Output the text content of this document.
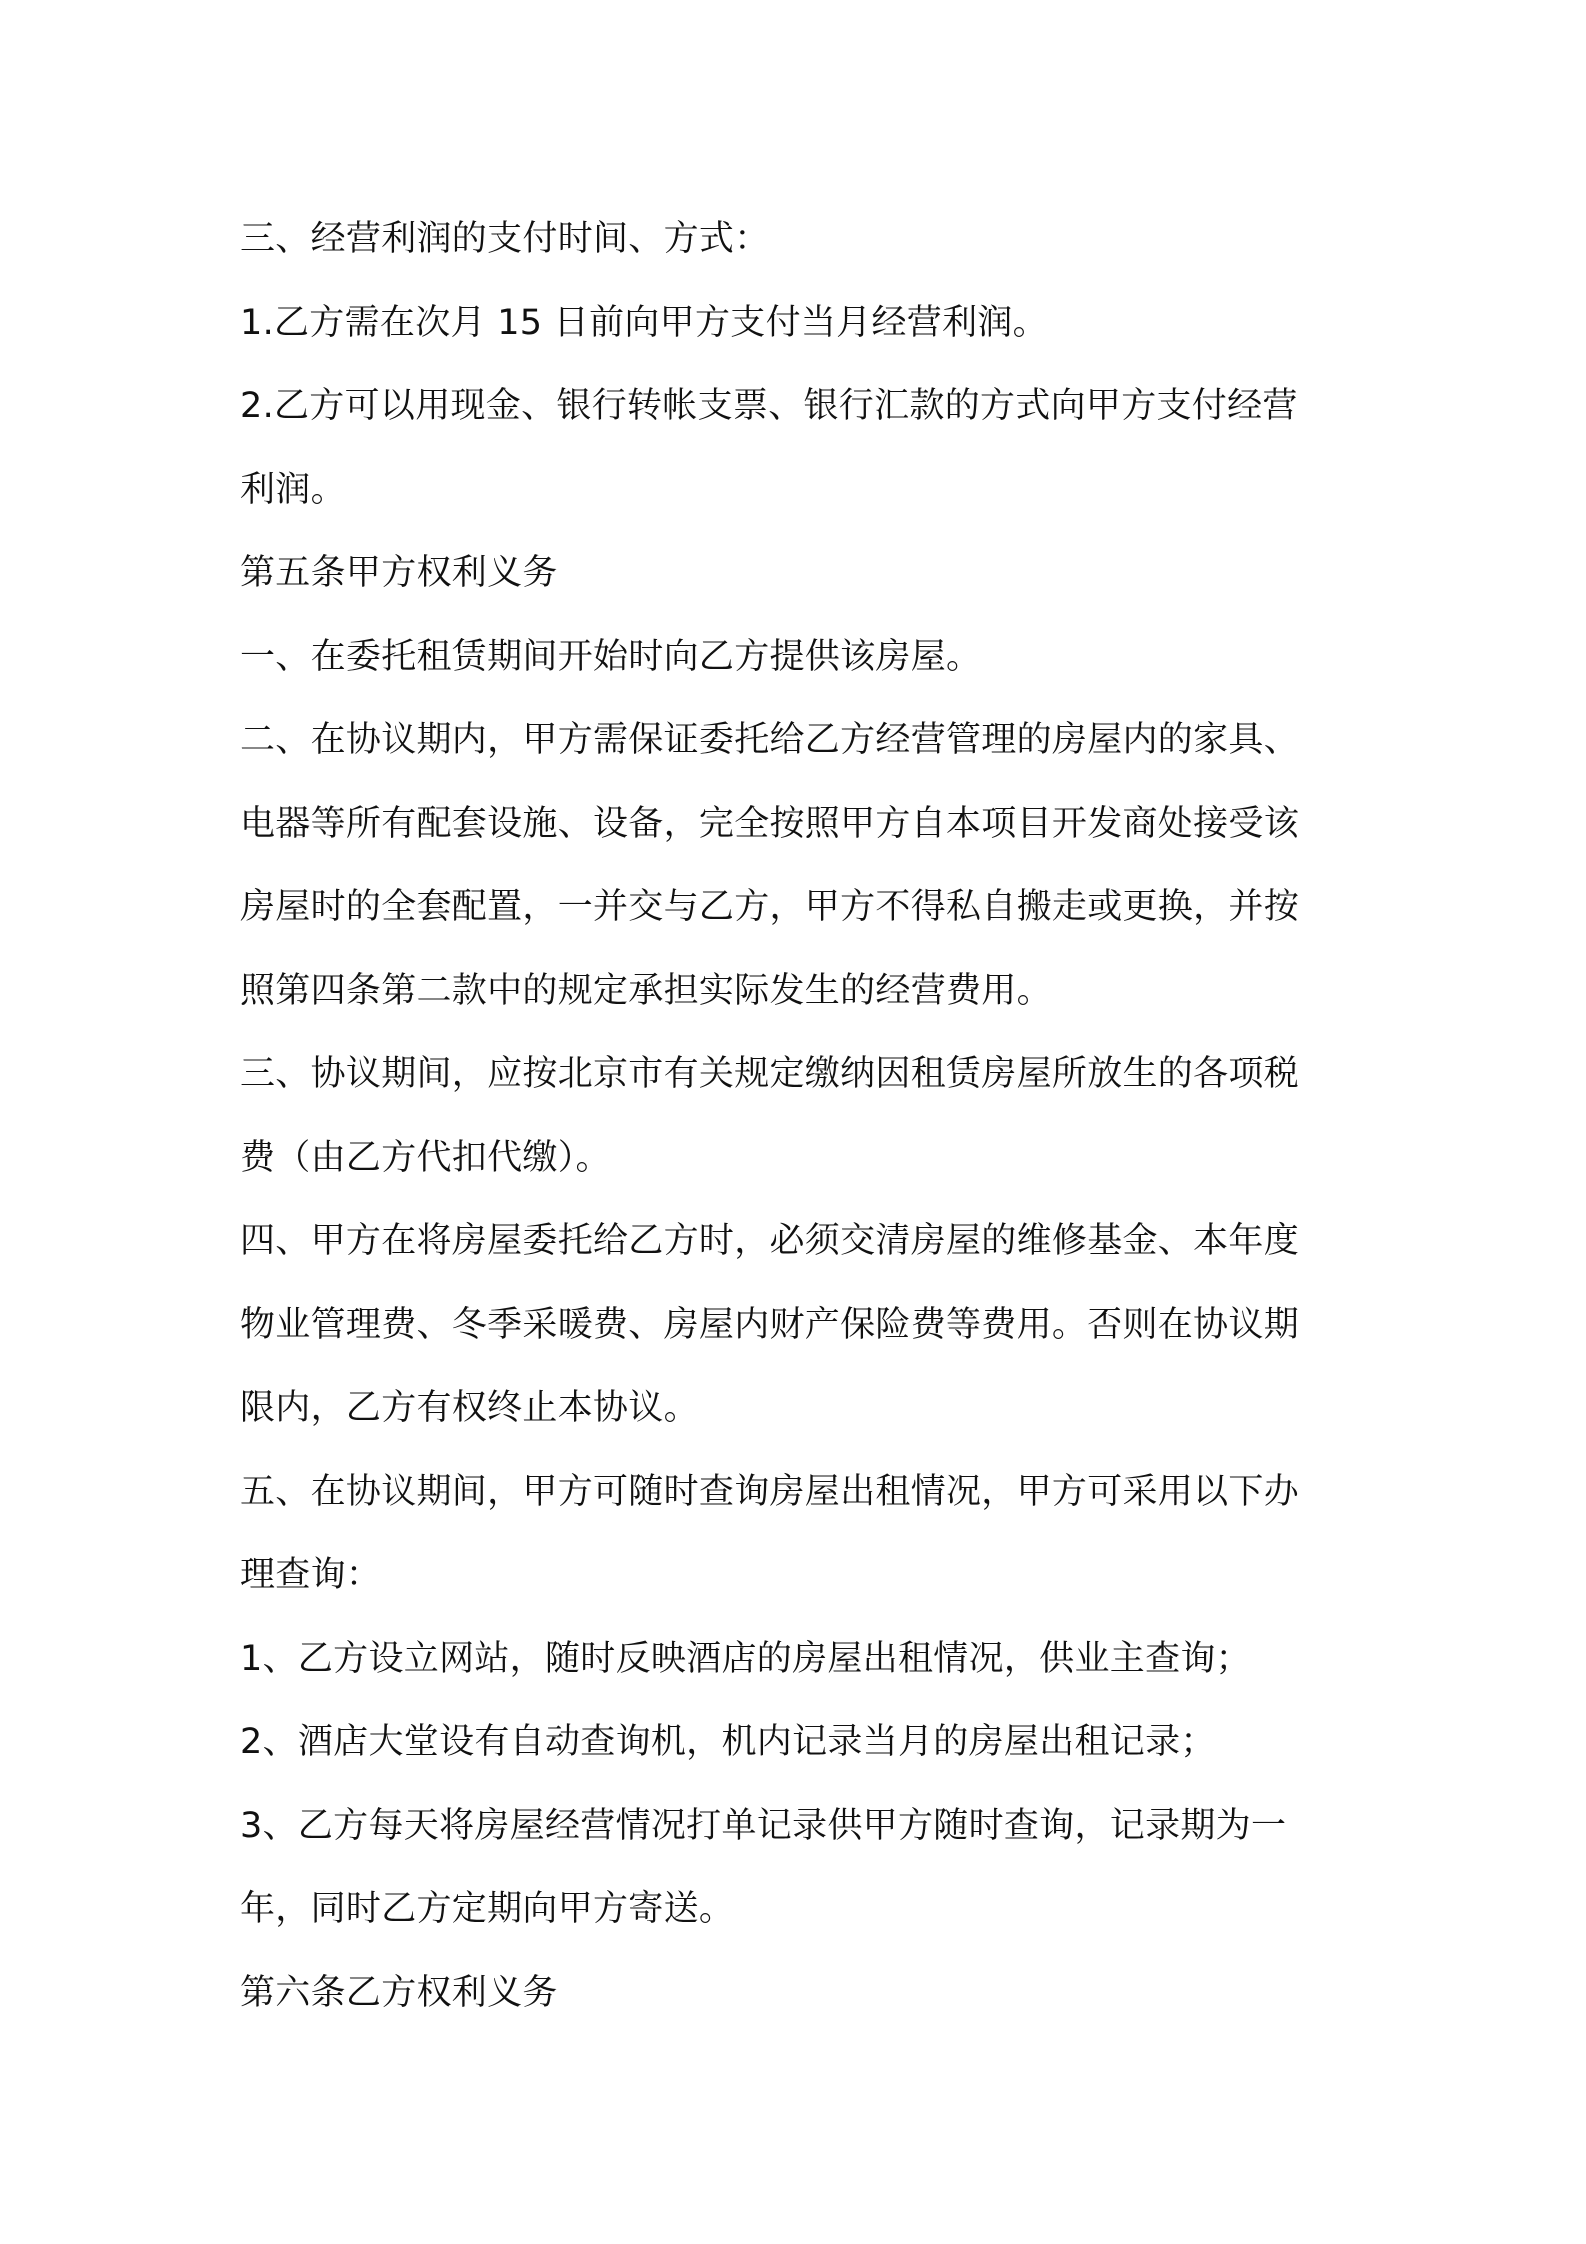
三、经营利润的支付时间、方式：

1.乙方需在次月 15 日前向甲方支付当月经营利润。

2.乙方可以用现金、银行转帐支票、银行汇款的方式向甲方支付经营

利润。

第五条甲方权利义务

一、在委托租赁期间开始时向乙方提供该房屋。

二、在协议期内，甲方需保证委托给乙方经营管理的房屋内的家具、

电器等所有配套设施、设备，完全按照甲方自本项目开发商处接受该

房屋时的全套配置，一并交与乙方，甲方不得私自搬走或更换，并按

照第四条第二款中的规定承担实际发生的经营费用。

三、协议期间，应按北京市有关规定缴纳因租赁房屋所放生的各项税

费（由乙方代扣代缴）。

四、甲方在将房屋委托给乙方时，必须交清房屋的维修基金、本年度

物业管理费、冬季采暖费、房屋内财产保险费等费用。否则在协议期

限内，乙方有权终止本协议。

五、在协议期间，甲方可随时查询房屋出租情况，甲方可采用以下办

理查询：

1、乙方设立网站，随时反映酒店的房屋出租情况，供业主查询；

2、酒店大堂设有自动查询机，机内记录当月的房屋出租记录；

3、乙方每天将房屋经营情况打单记录供甲方随时查询，记录期为一

年，同时乙方定期向甲方寄送。

第六条乙方权利义务
